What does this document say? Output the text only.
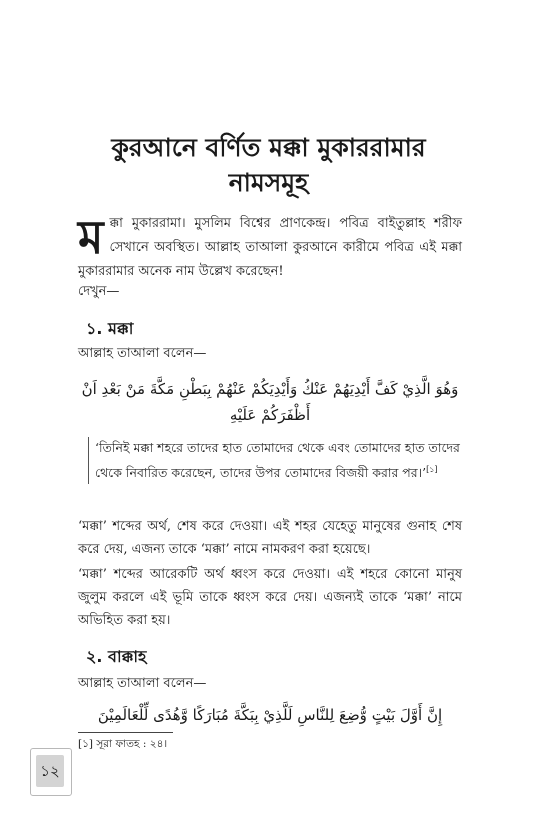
কুরআনে বর্ণিত মক্কা মুকাররামার
নামসমূহ
ম ক্কা মুকাররামা। মুসলিম বিশ্বের প্রাণকেন্দ্র। পবিত্র বাইতুল্লাহ শরীফ সেখানে অবস্থিত। আল্লাহ তাআলা কুরআনে কারীমে পবিত্র এই মক্কা মুকাররামার অনেক নাম উল্লেখ করেছেন!

দেখুন—
১. মক্কা
আল্লাহ তাআলা বলেন—
وَهُوَ الَّذِيْ كَفَّ أَيْدِيَهُمْ عَنْكُ وَأَيْدِيَكُمْ عَنْهُمْ بِبَطْنِ مَكَّةَ مَنْ بَعْدِ اَنْ
أَظْفَرَكُمْ عَلَيْهِ
‘তিনিই মক্কা শহরে তাদের হাত তোমাদের থেকে এবং তোমাদের হাত তাদের থেকে নিবারিত করেছেন, তাদের উপর তোমাদের বিজয়ী করার পর।’[১]

‘মক্কা’ শব্দের অর্থ, শেষ করে দেওয়া। এই শহর যেহেতু মানুষের গুনাহ শেষ করে দেয়, এজন্য তাকে ‘মক্কা’ নামে নামকরণ করা হয়েছে।

‘মক্কা’ শব্দের আরেকটি অর্থ ধ্বংস করে দেওয়া। এই শহরে কোনো মানুষ জুলুম করলে এই ভূমি তাকে ধ্বংস করে দেয়। এজন্যই তাকে ‘মক্কা’ নামে অভিহিত করা হয়।

২. বাক্কাহ
আল্লাহ তাআলা বলেন—
إِنَّ أَوَّلَ بَيْتٍ وُّضِعَ لِلنَّاسِ لَلَّذِيْ بِبَكَّةَ مُبَارَكًا وَّهُدًى لِّلْعَالَمِيْنَ
[১] সূরা ফাতহ : ২৪।
১২
